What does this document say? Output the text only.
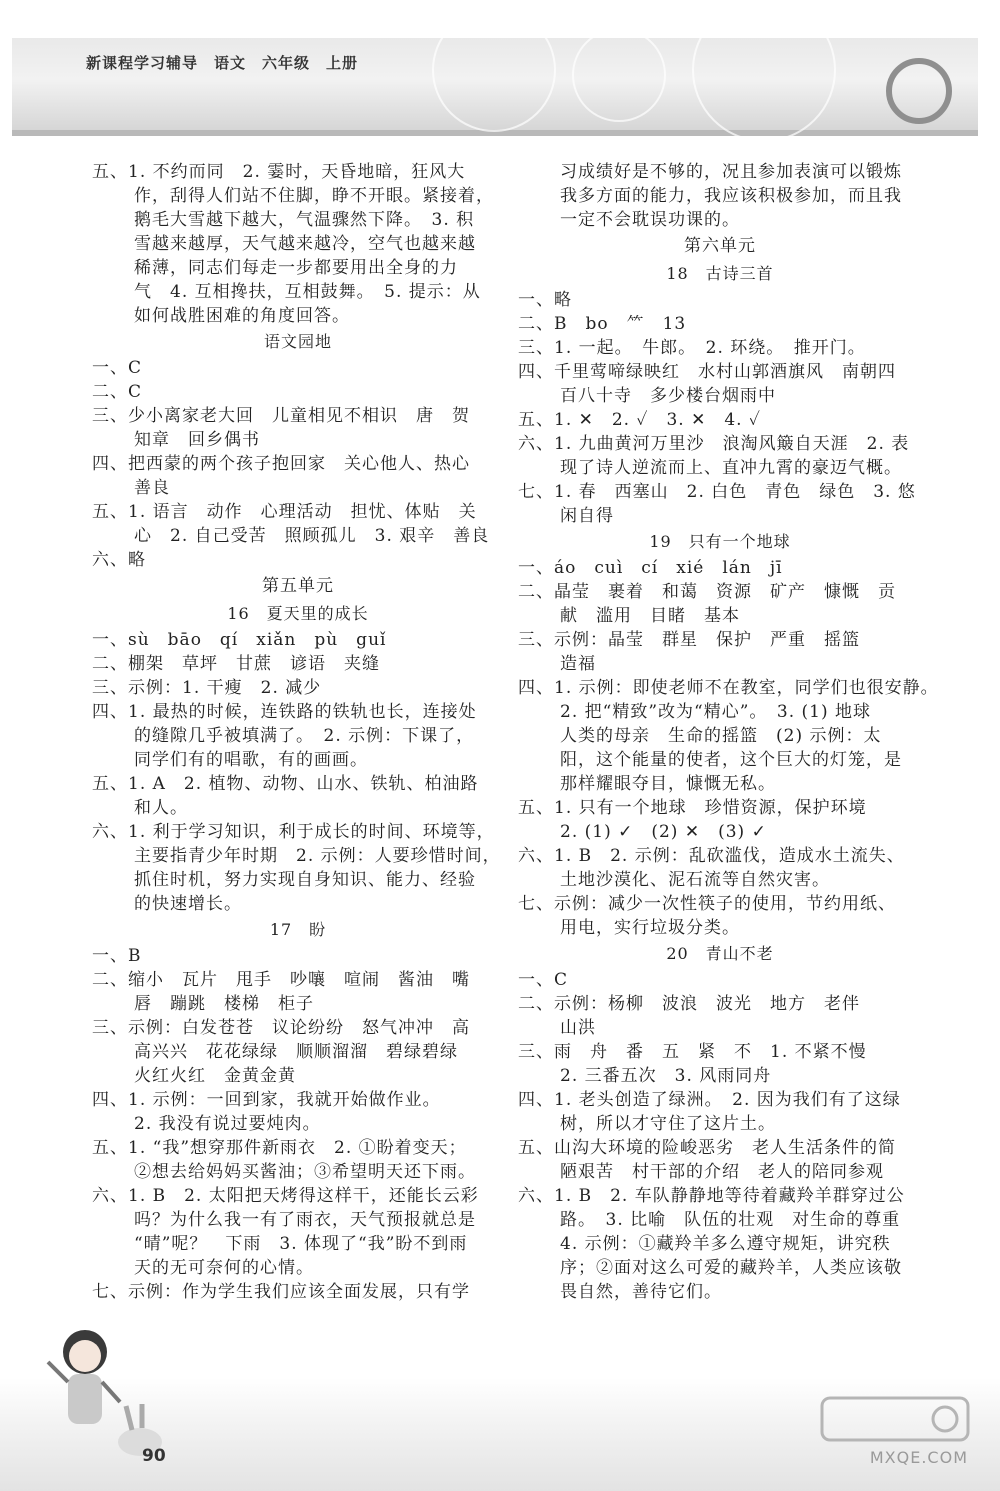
新课程学习辅导　语文　六年级　上册
五、1. 不约而同　2. 霎时，天昏地暗，狂风大
作，刮得人们站不住脚，睁不开眼。紧接着，
鹅毛大雪越下越大，气温骤然下降。　3. 积
雪越来越厚，天气越来越冷，空气也越来越
稀薄，同志们每走一步都要用出全身的力
气　4. 互相搀扶，互相鼓舞。　5. 提示：从
如何战胜困难的角度回答。
语文园地
一、C
二、C
三、少小离家老大回　儿童相见不相识　唐　贺
知章　回乡偶书
四、把西蒙的两个孩子抱回家　关心他人、热心
善良
五、1. 语言　动作　心理活动　担忧、体贴　关
心　2. 自己受苦　照顾孤儿　3. 艰辛　善良
六、略
第五单元
16　夏天里的成长
一、sù　bāo　qí　xiǎn　pù　guǐ
二、棚架　草坪　甘蔗　谚语　夹缝
三、示例：1. 干瘦　2. 减少
四、1. 最热的时候，连铁路的铁轨也长，连接处
的缝隙几乎被填满了。　2. 示例：下课了，
同学们有的唱歌，有的画画。
五、1. A　2. 植物、动物、山水、铁轨、柏油路
和人。
六、1. 利于学习知识，利于成长的时间、环境等，
主要指青少年时期　2. 示例：人要珍惜时间，
抓住时机，努力实现自身知识、能力、经验
的快速增长。
17　盼
一、B
二、缩小　瓦片　甩手　吵嚷　喧闹　酱油　嘴
唇　蹦跳　楼梯　柜子
三、示例：白发苍苍　议论纷纷　怒气冲冲　高
高兴兴　花花绿绿　顺顺溜溜　碧绿碧绿
火红火红　金黄金黄
四、1. 示例：一回到家，我就开始做作业。
2. 我没有说过要炖肉。
五、1. “我”想穿那件新雨衣　2. ①盼着变天；
②想去给妈妈买酱油；③希望明天还下雨。
六、1. B　2. 太阳把天烤得这样干，还能长云彩
吗？为什么我一有了雨衣，天气预报就总是
“晴”呢？　下雨　3. 体现了“我”盼不到雨
天的无可奈何的心情。
七、示例：作为学生我们应该全面发展，只有学
习成绩好是不够的，况且参加表演可以锻炼
我多方面的能力，我应该积极参加，而且我
一定不会耽误功课的。
第六单元
18　古诗三首
一、略
二、B　bo　⺮　13
三、1. 一起。　牛郎。　2. 环绕。　推开门。
四、千里莺啼绿映红　水村山郭酒旗风　南朝四
百八十寺　多少楼台烟雨中
五、1. ✕　2. ✓　3. ✕　4. ✓
六、1. 九曲黄河万里沙　浪淘风簸自天涯　2. 表
现了诗人逆流而上、直冲九霄的豪迈气概。
七、1. 春　西塞山　2. 白色　青色　绿色　3. 悠
闲自得
19　只有一个地球
一、áo　cuì　cí　xié　lán　jī
二、晶莹　裹着　和蔼　资源　矿产　慷慨　贡
献　滥用　目睹　基本
三、示例：晶莹　群星　保护　严重　摇篮
造福
四、1. 示例：即使老师不在教室，同学们也很安静。
2. 把“精致”改为“精心”。　3. (1) 地球
人类的母亲　生命的摇篮　(2) 示例：太
阳，这个能量的使者，这个巨大的灯笼，是
那样耀眼夺目，慷慨无私。
五、1. 只有一个地球　珍惜资源，保护环境
2. (1) ✓　(2) ✕　(3) ✓
六、1. B　2. 示例：乱砍滥伐，造成水土流失、
土地沙漠化、泥石流等自然灾害。
七、示例：减少一次性筷子的使用，节约用纸、
用电，实行垃圾分类。
20　青山不老
一、C
二、示例：杨柳　波浪　波光　地方　老伴
山洪
三、雨　舟　番　五　紧　不　1. 不紧不慢
2. 三番五次　3. 风雨同舟
四、1. 老头创造了绿洲。　2. 因为我们有了这绿
树，所以才守住了这片土。
五、山沟大环境的险峻恶劣　老人生活条件的简
陋艰苦　村干部的介绍　老人的陪同参观
六、1. B　2. 车队静静地等待着藏羚羊群穿过公
路。　3. 比喻　队伍的壮观　对生命的尊重
4. 示例：①藏羚羊多么遵守规矩，讲究秩
序；②面对这么可爱的藏羚羊，人类应该敬
畏自然，善待它们。
90	MXQE.COM
